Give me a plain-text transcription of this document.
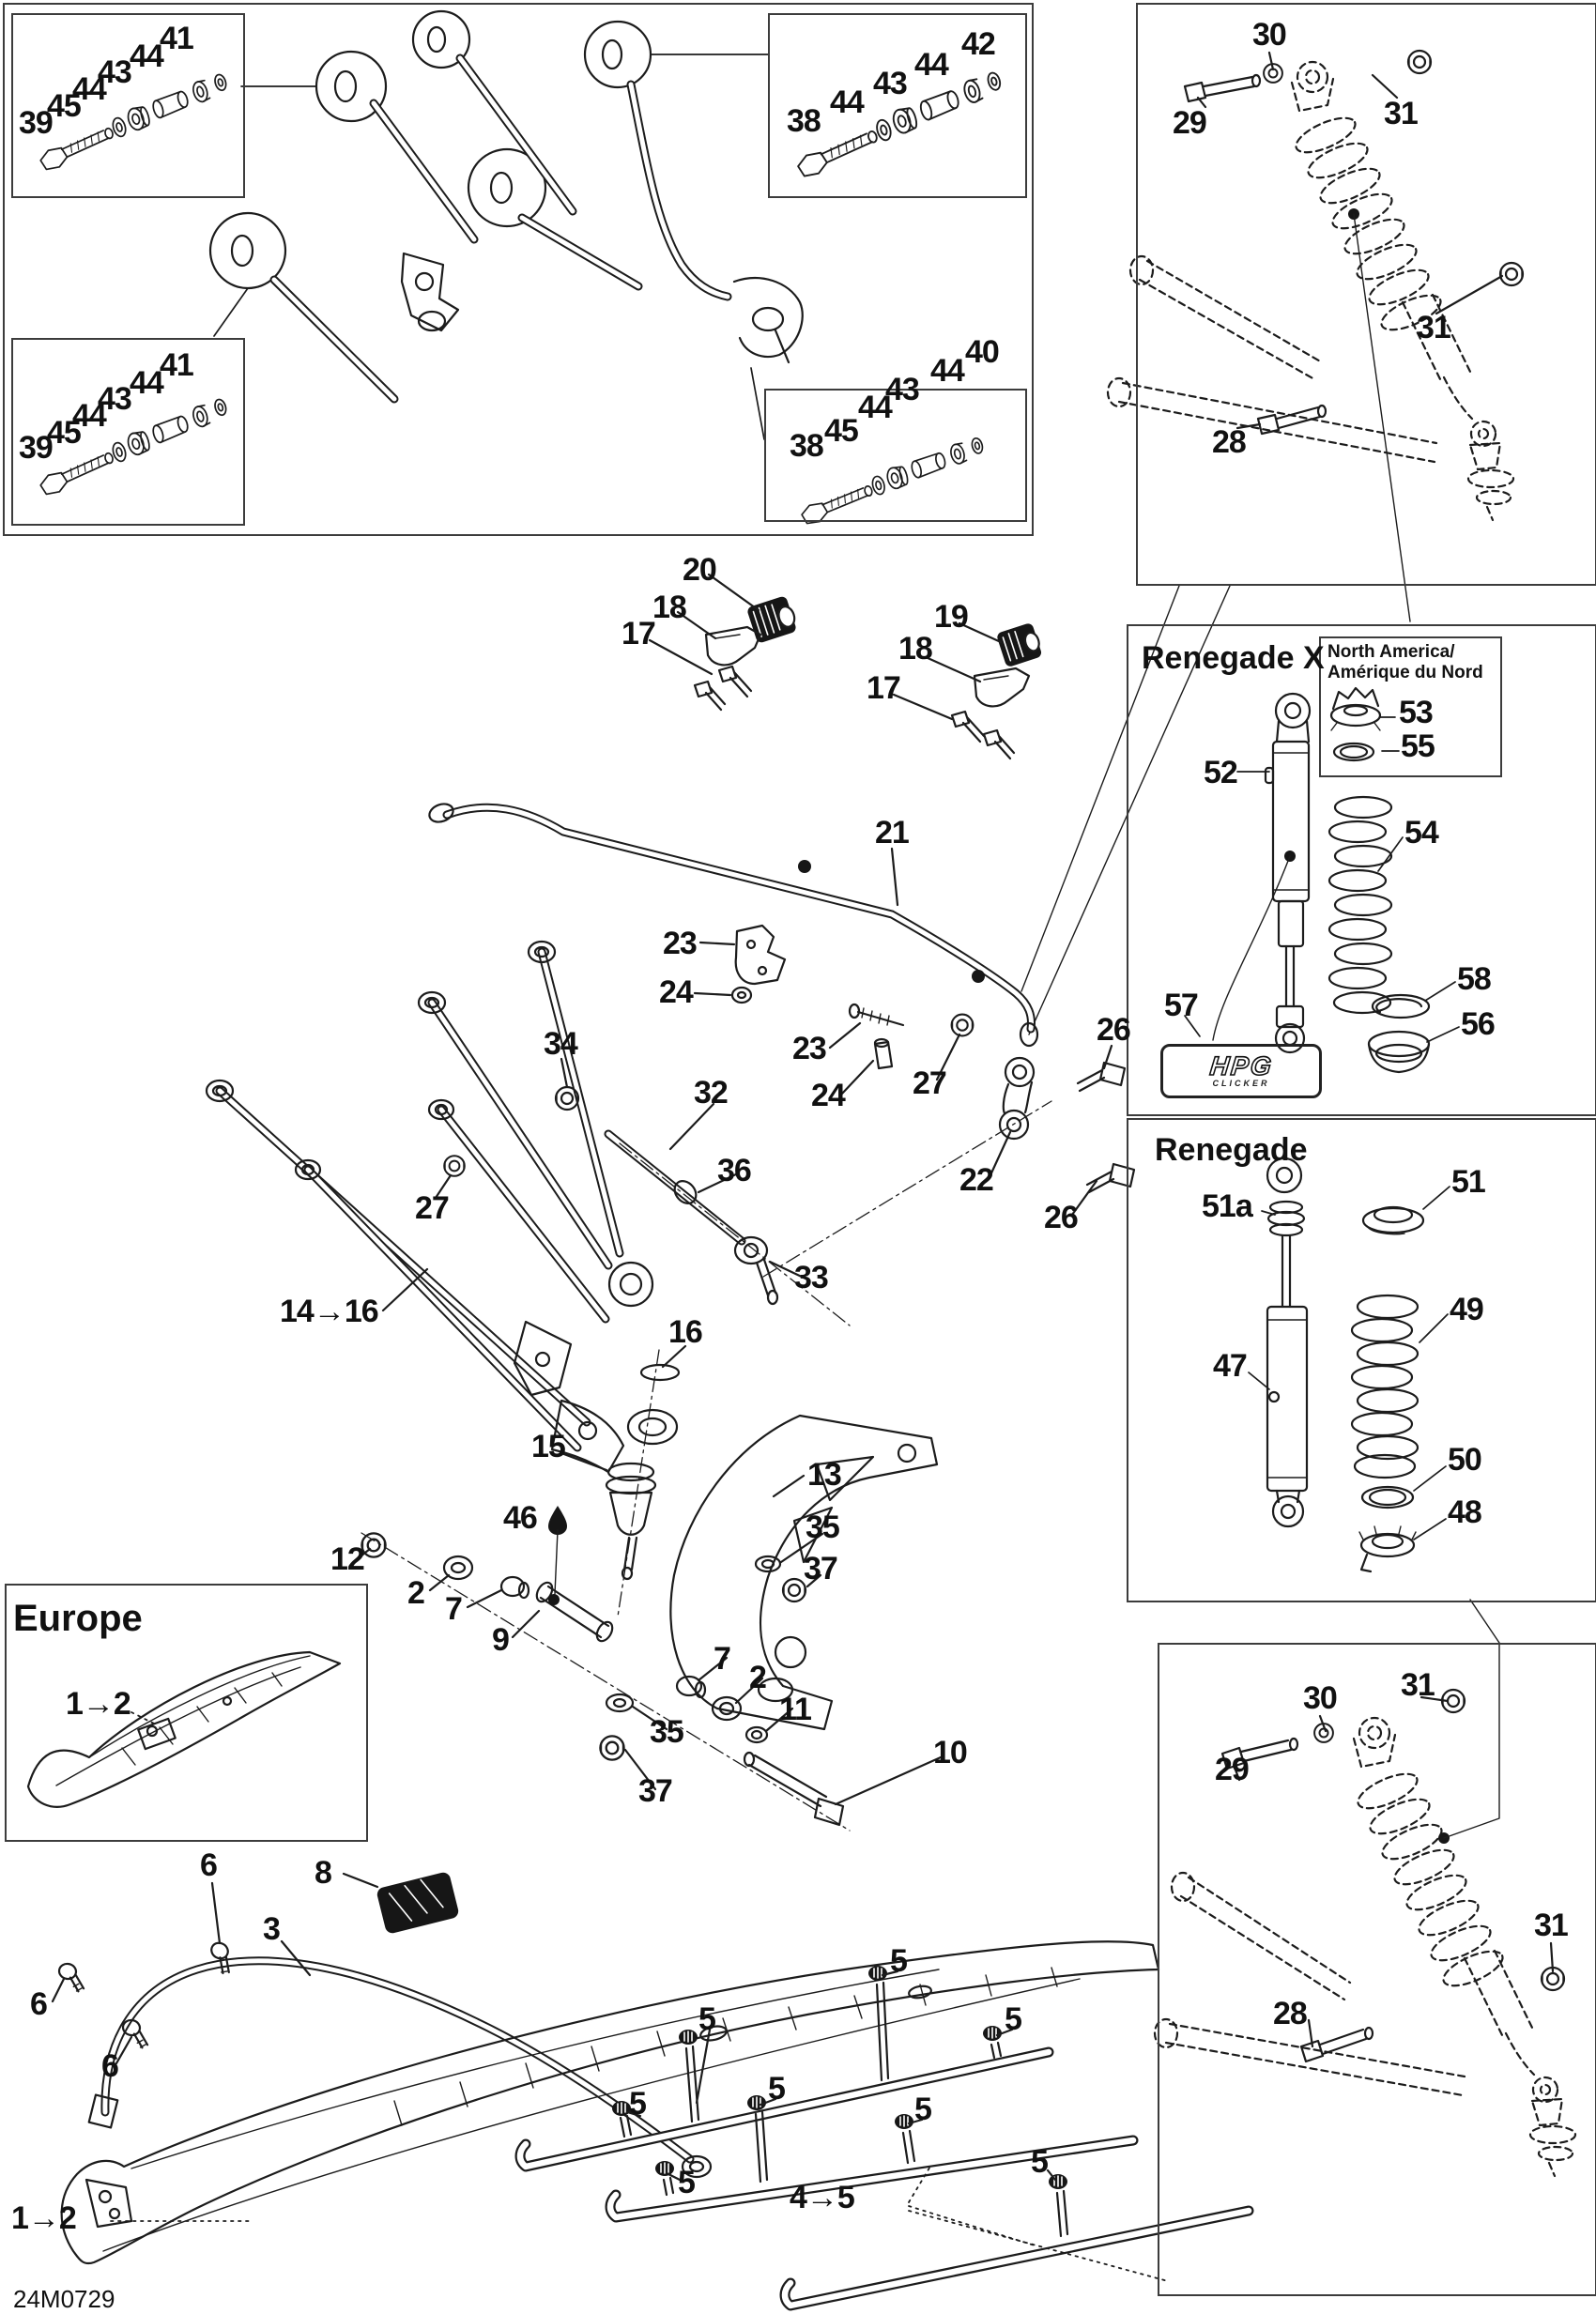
Renegade X North America/
Amérique du Nord
Renegade
Europe
HPG
CLICKER
24M0729
39
45
44
43
44
41
38
44
43
44
42
39
45
44
43
44
41
38 45
44
43
44
40
30
31
29
31
28
20
18
17	19
18
17
21
23
24
23
24 27
26
22
26
34
32
27
36
33
14→16
16
15
13
46
12
2 7
9
35
37
35
37
7
2
11
10
52
53
55
54
58
56
57
51a
51
47
49
50
48
30 31
29
31
28
1→2
8
6
3
6
6
1→2
4→5
5
5
5
5	5
5
5
5
